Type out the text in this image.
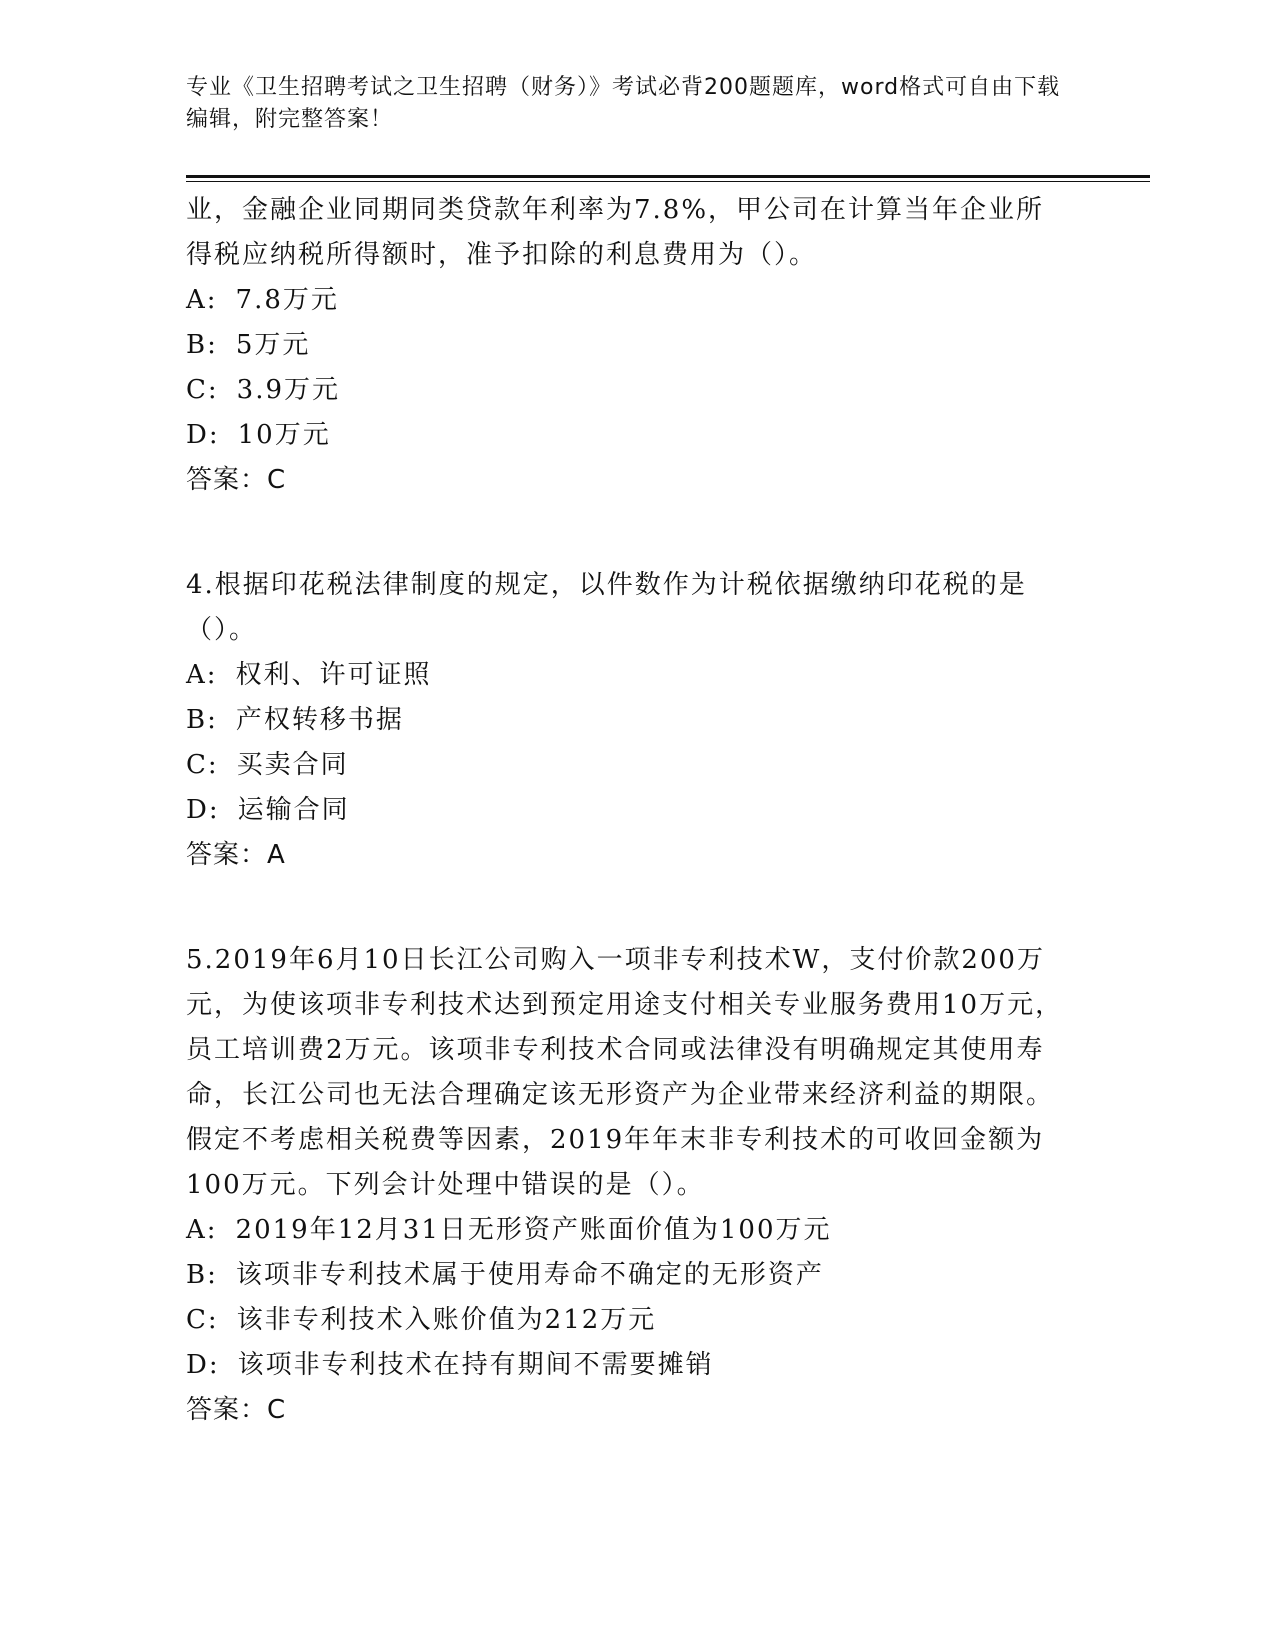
专业《卫生招聘考试之卫生招聘（财务）》考试必背200题题库，word格式可自由下载编辑，附完整答案！
业，金融企业同期同类贷款年利率为7.8%，甲公司在计算当年企业所得税应纳税所得额时，准予扣除的利息费用为（）。
A: 7.8万元
B: 5万元
C: 3.9万元
D: 10万元
答案：C
4.根据印花税法律制度的规定，以件数作为计税依据缴纳印花税的是（）。
A: 权利、许可证照
B: 产权转移书据
C: 买卖合同
D: 运输合同
答案：A
5.2019年6月10日长江公司购入一项非专利技术W，支付价款200万元，为使该项非专利技术达到预定用途支付相关专业服务费用10万元，员工培训费2万元。该项非专利技术合同或法律没有明确规定其使用寿命，长江公司也无法合理确定该无形资产为企业带来经济利益的期限。假定不考虑相关税费等因素，2019年年末非专利技术的可收回金额为100万元。下列会计处理中错误的是（）。
A: 2019年12月31日无形资产账面价值为100万元
B: 该项非专利技术属于使用寿命不确定的无形资产
C: 该非专利技术入账价值为212万元
D: 该项非专利技术在持有期间不需要摊销
答案：C
